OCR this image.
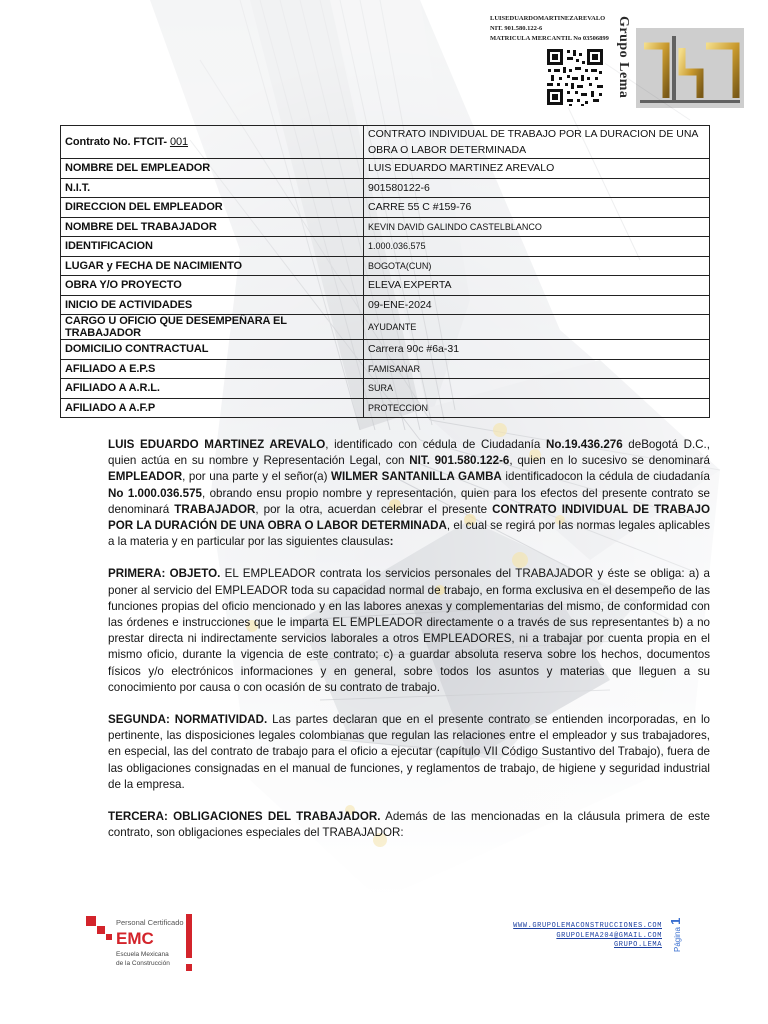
LUISEDUARDOMARTINEZAREVALO
NIT. 901.580.122-6
MATRICULA MERCANTIL No 03506899 Grupo Lema
Contrato No. FTCIT- 001	CONTRATO INDIVIDUAL DE TRABAJO POR LA DURACION DE UNA OBRA O LABOR DETERMINADA
NOMBRE DEL EMPLEADOR	LUIS EDUARDO MARTINEZ AREVALO
N.I.T.	901580122-6
DIRECCION DEL EMPLEADOR	CARRE 55 C #159-76
NOMBRE DEL TRABAJADOR	KEVIN DAVID GALINDO CASTELBLANCO
IDENTIFICACION	1.000.036.575
LUGAR y FECHA DE NACIMIENTO	BOGOTA(CUN)
OBRA Y/O PROYECTO	ELEVA EXPERTA
INICIO DE ACTIVIDADES	09-ENE-2024
CARGO U OFICIO QUE DESEMPEÑARA EL TRABAJADOR	AYUDANTE
DOMICILIO CONTRACTUAL	Carrera 90c #6a-31
AFILIADO A E.P.S	FAMISANAR
AFILIADO A A.R.L.	SURA
AFILIADO A A.F.P	PROTECCION

LUIS EDUARDO MARTINEZ AREVALO, identificado con cédula de Ciudadanía No.19.436.276 deBogotá D.C., quien actúa en su nombre y Representación Legal, con NIT. 901.580.122-6, quien en lo sucesivo se denominará EMPLEADOR, por una parte y el señor(a) WILMER SANTANILLA GAMBA identificadocon la cédula de ciudadanía No 1.000.036.575, obrando ensu propio nombre y representación, quien para los efectos del presente contrato se denominará TRABAJADOR, por la otra, acuerdan celebrar el presente CONTRATO INDIVIDUAL DE TRABAJO POR LA DURACIÓN DE UNA OBRA O LABOR DETERMINADA, el cual se regirá por las normas legales aplicables a la materia y en particular por las siguientes clausulas:

PRIMERA: OBJETO. EL EMPLEADOR contrata los servicios personales del TRABAJADOR y éste se obliga: a) a poner al servicio del EMPLEADOR toda su capacidad normal de trabajo, en forma exclusiva en el desempeño de las funciones propias del oficio mencionado y en las labores anexas y complementarias del mismo, de conformidad con las órdenes e instrucciones que le imparta EL EMPLEADOR directamente o a través de sus representantes b) a no prestar directa ni indirectamente servicios laborales a otros EMPLEADORES, ni a trabajar por cuenta propia en el mismo oficio, durante la vigencia de este contrato; c) a guardar absoluta reserva sobre los hechos, documentos físicos y/o electrónicos informaciones y en general, sobre todos los asuntos y materias que lleguen a su conocimiento por causa o con ocasión de su contrato de trabajo.

SEGUNDA: NORMATIVIDAD. Las partes declaran que en el presente contrato se entienden incorporadas, en lo pertinente, las disposiciones legales colombianas que regulan las relaciones entre el empleador y sus trabajadores, en especial, las del contrato de trabajo para el oficio a ejecutar (capítulo VII Código Sustantivo del Trabajo), fuera de las obligaciones consignadas en el manual de funciones, y reglamentos de trabajo, de higiene y seguridad industrial de la empresa.

TERCERA: OBLIGACIONES DEL TRABAJADOR. Además de las mencionadas en la cláusula primera de este contrato, son obligaciones especiales del TRABAJADOR:

Personal Certificado
EMC
Escuela Mexicana
de la Construcción
WWW.GRUPOLEMACONSTRUCCIONES.COM
GRUPOLEMA204@GMAIL.COM
GRUPO.LEMA	Página 1
